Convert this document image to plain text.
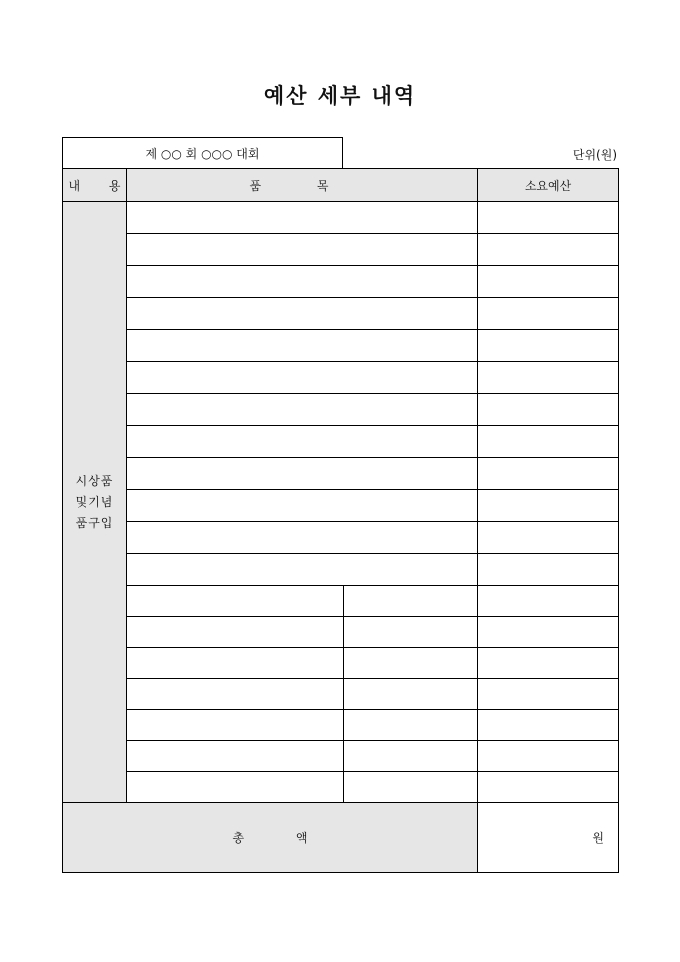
예산 세부 내역
제 ○○ 회 ○○○ 대회	단위(원)
내 용	품 목		소요예산

시상품 및기념 품구입			

총 액			원
